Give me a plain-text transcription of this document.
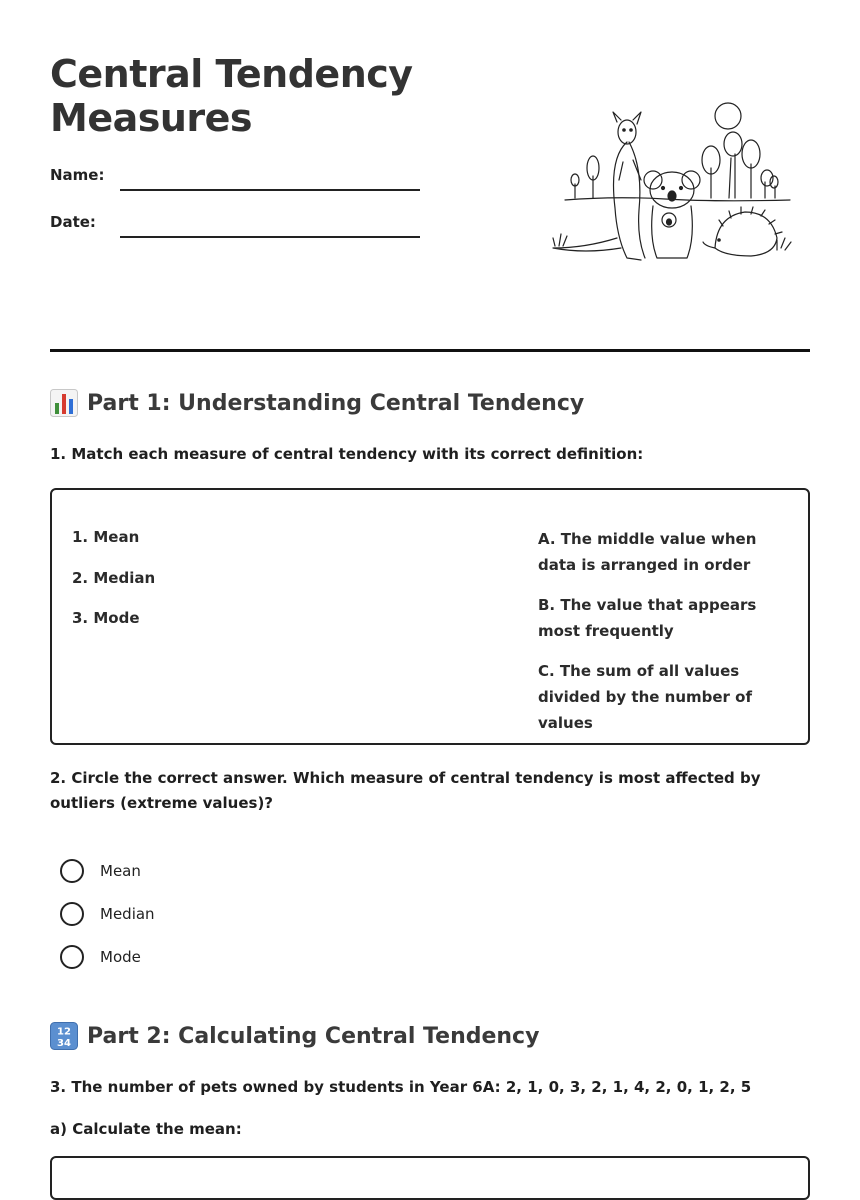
Central Tendency
Measures
Name:
Date:
Part 1: Understanding Central Tendency

1. Match each measure of central tendency with its correct definition:

1. Mean
2. Median
3. Mode
A. The middle value when data is arranged in order
B. The value that appears most frequently
C. The sum of all values divided by the number of values

2. Circle the correct answer. Which measure of central tendency is most affected by outliers (extreme values)?

Mean
Median
Mode
12
34 Part 2: Calculating Central Tendency

3. The number of pets owned by students in Year 6A: 2, 1, 0, 3, 2, 1, 4, 2, 0, 1, 2, 5

a) Calculate the mean:
